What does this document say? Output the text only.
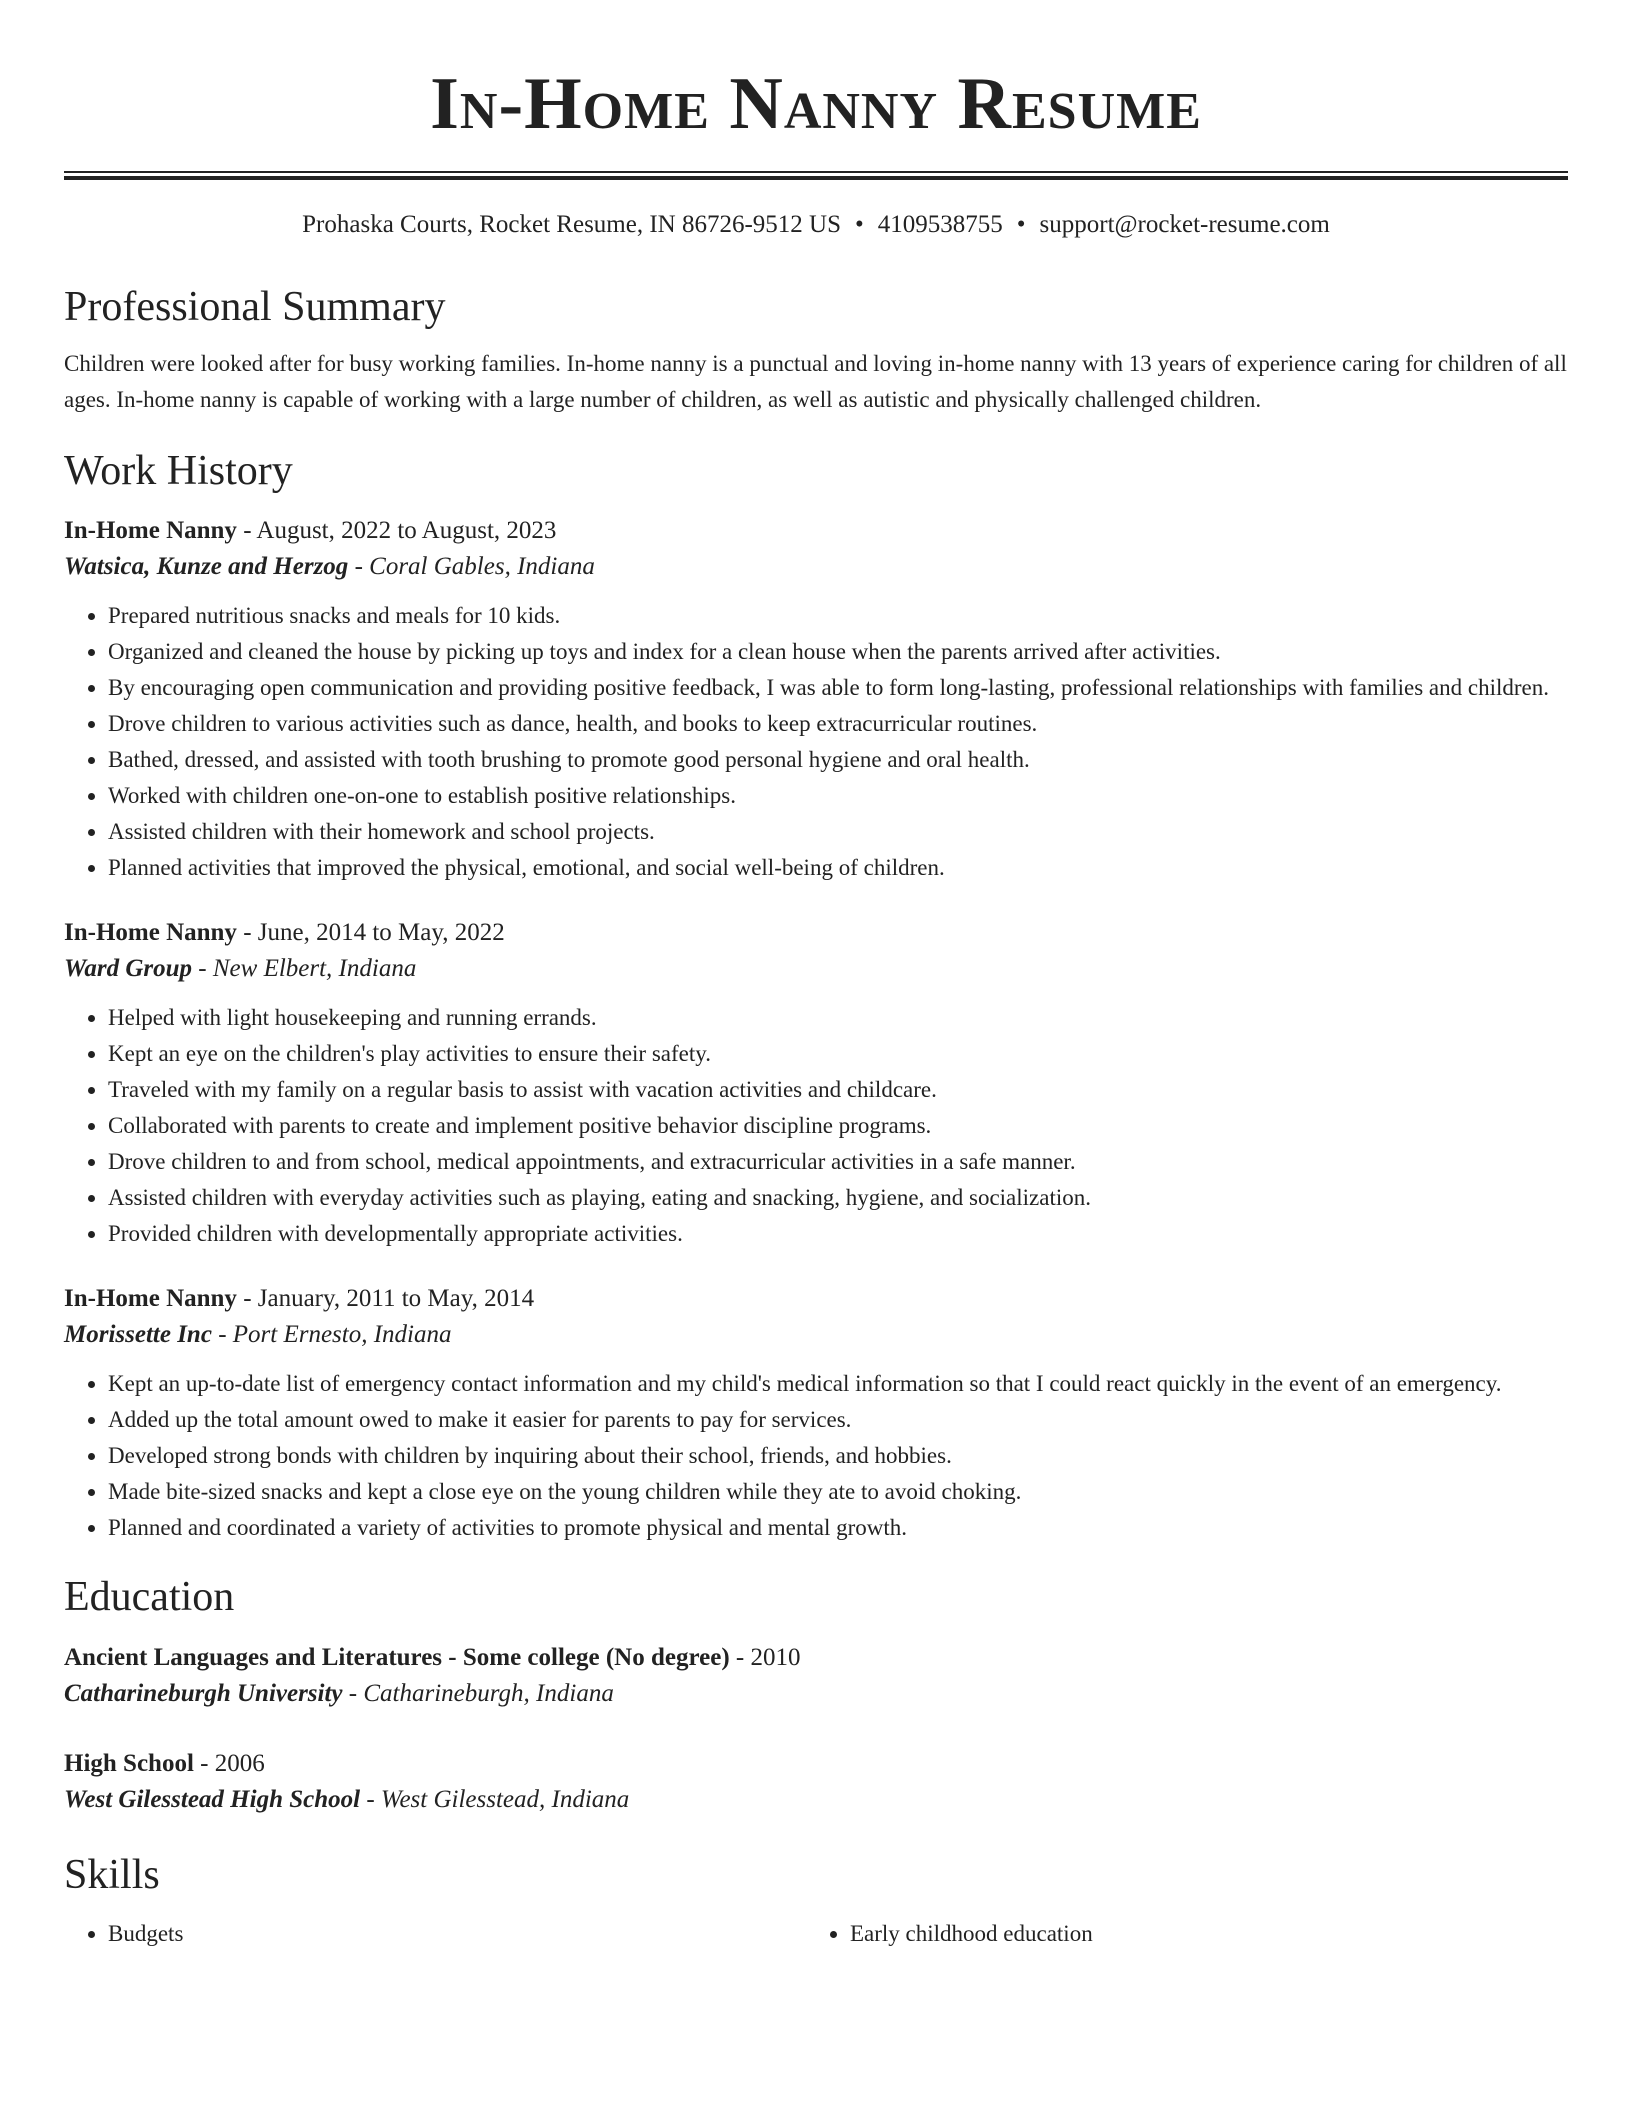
In-Home Nanny Resume
Prohaska Courts, Rocket Resume, IN 86726-9512 US • 4109538755 • support@rocket-resume.com
Professional Summary
Children were looked after for busy working families. In-home nanny is a punctual and loving in-home nanny with 13 years of experience caring for children of all ages. In-home nanny is capable of working with a large number of children, as well as autistic and physically challenged children.
Work History
In-Home Nanny - August, 2022 to August, 2023
Watsica, Kunze and Herzog - Coral Gables, Indiana
• Prepared nutritious snacks and meals for 10 kids.
• Organized and cleaned the house by picking up toys and index for a clean house when the parents arrived after activities.
• By encouraging open communication and providing positive feedback, I was able to form long-lasting, professional relationships with families and children.
• Drove children to various activities such as dance, health, and books to keep extracurricular routines.
• Bathed, dressed, and assisted with tooth brushing to promote good personal hygiene and oral health.
• Worked with children one-on-one to establish positive relationships.
• Assisted children with their homework and school projects.
• Planned activities that improved the physical, emotional, and social well-being of children.
In-Home Nanny - June, 2014 to May, 2022
Ward Group - New Elbert, Indiana
• Helped with light housekeeping and running errands.
• Kept an eye on the children's play activities to ensure their safety.
• Traveled with my family on a regular basis to assist with vacation activities and childcare.
• Collaborated with parents to create and implement positive behavior discipline programs.
• Drove children to and from school, medical appointments, and extracurricular activities in a safe manner.
• Assisted children with everyday activities such as playing, eating and snacking, hygiene, and socialization.
• Provided children with developmentally appropriate activities.
In-Home Nanny - January, 2011 to May, 2014
Morissette Inc - Port Ernesto, Indiana
• Kept an up-to-date list of emergency contact information and my child's medical information so that I could react quickly in the event of an emergency.
• Added up the total amount owed to make it easier for parents to pay for services.
• Developed strong bonds with children by inquiring about their school, friends, and hobbies.
• Made bite-sized snacks and kept a close eye on the young children while they ate to avoid choking.
• Planned and coordinated a variety of activities to promote physical and mental growth.
Education
Ancient Languages and Literatures - Some college (No degree) - 2010
Catharineburgh University - Catharineburgh, Indiana
High School - 2006
West Gilesstead High School - West Gilesstead, Indiana
Skills
• Budgets
•	Early childhood education
